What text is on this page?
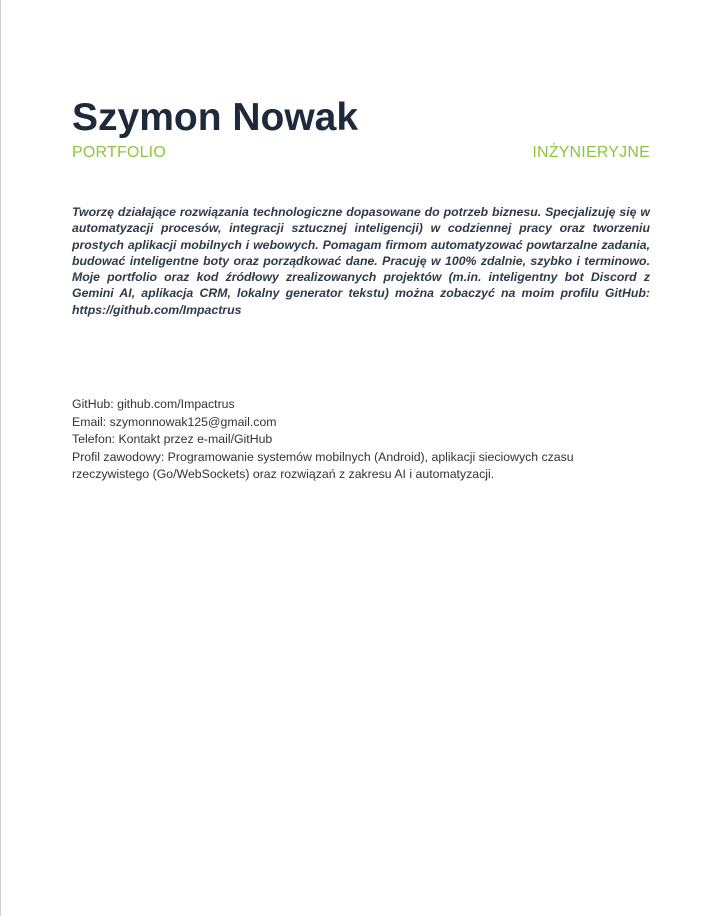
Szymon Nowak
PORTFOLIO	INŻYNIERYJNE

Tworzę działające rozwiązania technologiczne dopasowane do potrzeb biznesu. Specjalizuję się w automatyzacji procesów, integracji sztucznej inteligencji) w codziennej pracy oraz tworzeniu prostych aplikacji mobilnych i webowych. Pomagam firmom automatyzować powtarzalne zadania, budować inteligentne boty oraz porządkować dane. Pracuję w 100% zdalnie, szybko i terminowo. Moje portfolio oraz kod źródłowy zrealizowanych projektów (m.in. inteligentny bot Discord z Gemini AI, aplikacja CRM, lokalny generator tekstu) można zobaczyć na moim profilu GitHub: https://github.com/Impactrus

GitHub: github.com/Impactrus
Email: szymonnowak125@gmail.com
Telefon: Kontakt przez e-mail/GitHub
Profil zawodowy: Programowanie systemów mobilnych (Android), aplikacji sieciowych czasu
rzeczywistego (Go/WebSockets) oraz rozwiązań z zakresu AI i automatyzacji.
